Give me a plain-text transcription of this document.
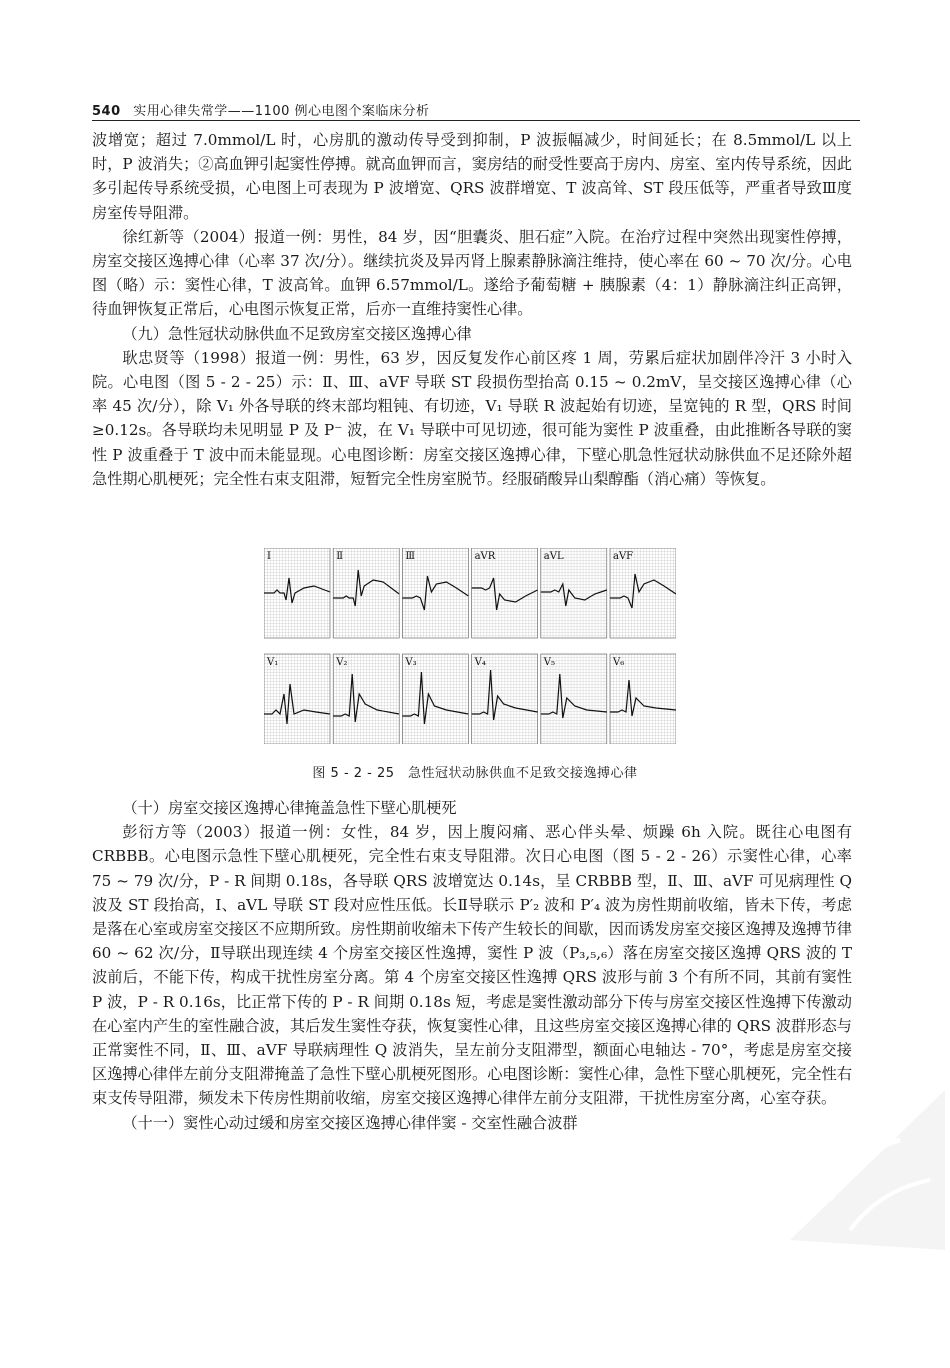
540 实用心律失常学——1100 例心电图个案临床分析

波增宽；超过 7.0mmol/L 时，心房肌的激动传导受到抑制，P 波振幅减少，时间延长；在 8.5mmol/L 以上时，P 波消失；②高血钾引起窦性停搏。就高血钾而言，窦房结的耐受性要高于房内、房室、室内传导系统，因此多引起传导系统受损，心电图上可表现为 P 波增宽、QRS 波群增宽、T 波高耸、ST 段压低等，严重者导致Ⅲ度房室传导阻滞。

徐红新等（2004）报道一例：男性，84 岁，因“胆囊炎、胆石症”入院。在治疗过程中突然出现窦性停搏，房室交接区逸搏心律（心率 37 次/分）。继续抗炎及异丙肾上腺素静脉滴注维持，使心率在 60 ~ 70 次/分。心电图（略）示：窦性心律，T 波高耸。血钾 6.57mmol/L。遂给予葡萄糖 + 胰腺素（4：1）静脉滴注纠正高钾，待血钾恢复正常后，心电图示恢复正常，后亦一直维持窦性心律。

（九）急性冠状动脉供血不足致房室交接区逸搏心律

耿忠贤等（1998）报道一例：男性，63 岁，因反复发作心前区疼 1 周，劳累后症状加剧伴冷汗 3 小时入院。心电图（图 5 - 2 - 25）示：Ⅱ、Ⅲ、aVF 导联 ST 段损伤型抬高 0.15 ~ 0.2mV，呈交接区逸搏心律（心率 45 次/分），除 V₁ 外各导联的终末部均粗钝、有切迹，V₁ 导联 R 波起始有切迹，呈宽钝的 R 型，QRS 时间≥0.12s。各导联均未见明显 P 及 P⁻ 波，在 V₁ 导联中可见切迹，很可能为窦性 P 波重叠，由此推断各导联的窦性 P 波重叠于 T 波中而未能显现。心电图诊断：房室交接区逸搏心律，下壁心肌急性冠状动脉供血不足还除外超急性期心肌梗死；完全性右束支阻滞，短暂完全性房室脱节。经服硝酸异山梨醇酯（消心痛）等恢复。

Ⅰ	Ⅱ	Ⅲ	aVR	aVL	aVF
V₁	V₂	V₃	V₄	V₅	V₆
图 5 - 2 - 25　急性冠状动脉供血不足致交接逸搏心律

（十）房室交接区逸搏心律掩盖急性下壁心肌梗死

彭衍方等（2003）报道一例：女性，84 岁，因上腹闷痛、恶心伴头晕、烦躁 6h 入院。既往心电图有 CRBBB。心电图示急性下壁心肌梗死，完全性右束支导阻滞。次日心电图（图 5 - 2 - 26）示窦性心律，心率 75 ~ 79 次/分，P - R 间期 0.18s，各导联 QRS 波增宽达 0.14s，呈 CRBBB 型，Ⅱ、Ⅲ、aVF 可见病理性 Q 波及 ST 段抬高，Ⅰ、aVL 导联 ST 段对应性压低。长Ⅱ导联示 P′₂ 波和 P′₄ 波为房性期前收缩，皆未下传，考虑是落在心室或房室交接区不应期所致。房性期前收缩未下传产生较长的间歇，因而诱发房室交接区逸搏及逸搏节律 60 ~ 62 次/分，Ⅱ导联出现连续 4 个房室交接区性逸搏，窦性 P 波（P₃,₅,₆）落在房室交接区逸搏 QRS 波的 T 波前后，不能下传，构成干扰性房室分离。第 4 个房室交接区性逸搏 QRS 波形与前 3 个有所不同，其前有窦性 P 波，P - R 0.16s，比正常下传的 P - R 间期 0.18s 短，考虑是窦性激动部分下传与房室交接区性逸搏下传激动在心室内产生的室性融合波，其后发生窦性夺获，恢复窦性心律，且这些房室交接区逸搏心律的 QRS 波群形态与正常窦性不同，Ⅱ、Ⅲ、aVF 导联病理性 Q 波消失，呈左前分支阻滞型，额面心电轴达 - 70°，考虑是房室交接区逸搏心律伴左前分支阻滞掩盖了急性下壁心肌梗死图形。心电图诊断：窦性心律，急性下壁心肌梗死，完全性右束支传导阻滞，频发未下传房性期前收缩，房室交接区逸搏心律伴左前分支阻滞，干扰性房室分离，心室夺获。

（十一）窦性心动过缓和房室交接区逸搏心律伴窦 - 交室性融合波群
